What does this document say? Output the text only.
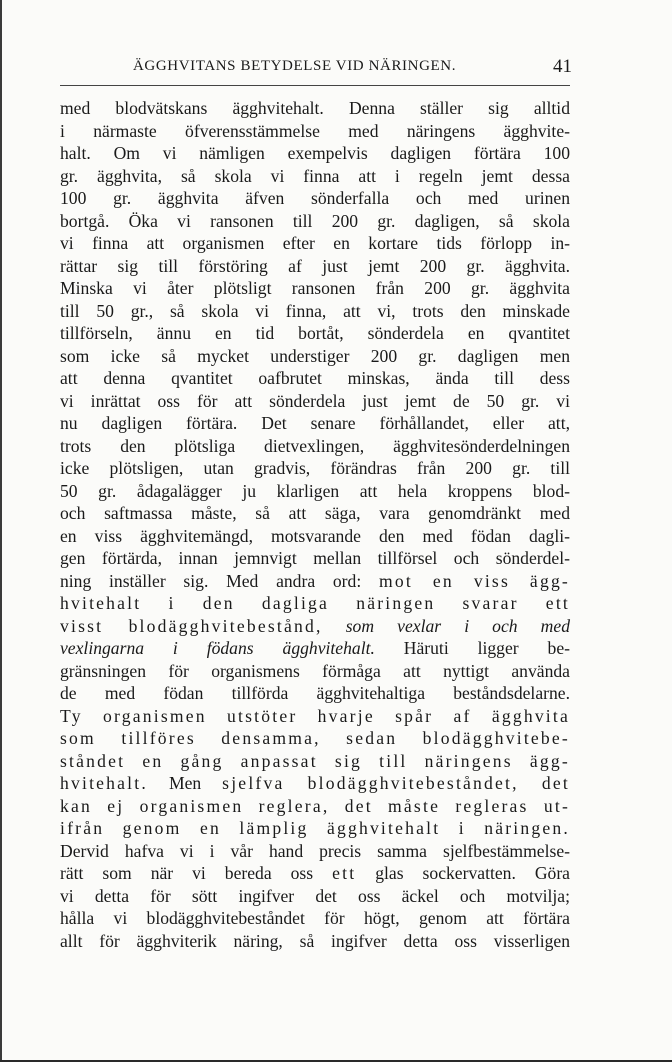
ÄGGHVITANS BETYDELSE VID NÄRINGEN.	41
med blodvätskans ägghvitehalt. Denna ställer sig alltid
i närmaste öfverensstämmelse med näringens ägghvite-
halt. Om vi nämligen exempelvis dagligen förtära 100
gr. ägghvita, så skola vi finna att i regeln jemt dessa
100 gr. ägghvita äfven sönderfalla och med urinen
bortgå. Öka vi ransonen till 200 gr. dagligen, så skola
vi finna att organismen efter en kortare tids förlopp in-
rättar sig till förstöring af just jemt 200 gr. ägghvita.
Minska vi åter plötsligt ransonen från 200 gr. ägghvita
till 50 gr., så skola vi finna, att vi, trots den minskade
tillförseln, ännu en tid bortåt, sönderdela en qvantitet
som icke så mycket understiger 200 gr. dagligen men
att denna qvantitet oafbrutet minskas, ända till dess
vi inrättat oss för att sönderdela just jemt de 50 gr. vi
nu dagligen förtära. Det senare förhållandet, eller att,
trots den plötsliga dietvexlingen, ägghvitesönderdelningen
icke plötsligen, utan gradvis, förändras från 200 gr. till
50 gr. ådagalägger ju klarligen att hela kroppens blod-
och saftmassa måste, så att säga, vara genomdränkt med
en viss ägghvitemängd, motsvarande den med födan dagli-
gen förtärda, innan jemnvigt mellan tillförsel och sönderdel-
ning inställer sig. Med andra ord: mot en viss ägg-
hvitehalt i den dagliga näringen svarar ett
visst blodägghvitebestånd, som vexlar i och med
vexlingarna i födans ägghvitehalt. Häruti ligger be-
gränsningen för organismens förmåga att nyttigt använda
de med födan tillförda ägghvitehaltiga beståndsdelarne.
Ty organismen utstöter hvarje spår af ägghvita
som tillföres densamma, sedan blodägghvitebe-
ståndet en gång anpassat sig till näringens ägg-
hvitehalt. Men sjelfva blodägghvitebeståndet, det
kan ej organismen reglera, det måste regleras ut-
ifrån genom en lämplig ägghvitehalt i näringen.
Dervid hafva vi i vår hand precis samma sjelfbestämmelse-
rätt som när vi bereda oss ett glas sockervatten. Göra
vi detta för sött ingifver det oss äckel och motvilja;
hålla vi blodägghvitebeståndet för högt, genom att förtära
allt för ägghviterik näring, så ingifver detta oss visserligen
